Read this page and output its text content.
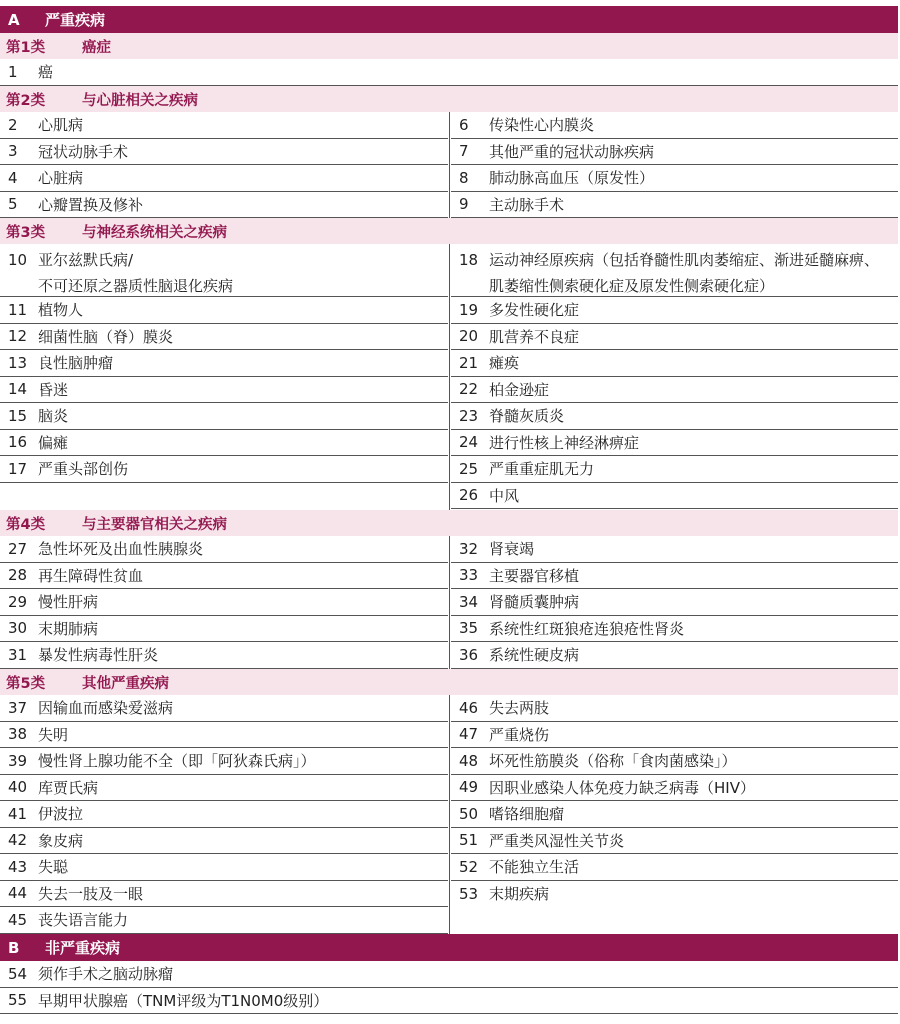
A	严重疾病
第1类	癌症
1	癌
第2类	与心脏相关之疾病
2	心肌病
3	冠状动脉手术
4	心脏病
5	心瓣置换及修补
6	传染性心内膜炎
7	其他严重的冠状动脉疾病
8	肺动脉高血压（原发性）
9	主动脉手术
第3类	与神经系统相关之疾病
10 亚尔兹默氏病/
不可还原之器质性脑退化疾病
11 植物人
12 细菌性脑（脊）膜炎
13 良性脑肿瘤
14 昏迷
15 脑炎
16 偏瘫
17 严重头部创伤
18 运动神经原疾病（包括脊髓性肌肉萎缩症、渐进延髓麻痹、肌萎缩性侧索硬化症及原发性侧索硬化症）
19 多发性硬化症
20 肌营养不良症
21 瘫痪
22 柏金逊症
23 脊髓灰质炎
24 进行性核上神经淋痹症
25 严重重症肌无力
26 中风
第4类	与主要器官相关之疾病
27 急性坏死及出血性胰腺炎
28 再生障碍性贫血
29 慢性肝病
30 末期肺病
31 暴发性病毒性肝炎
32 肾衰竭
33 主要器官移植
34 肾髓质囊肿病
35 系统性红斑狼疮连狼疮性肾炎
36 系统性硬皮病
第5类	其他严重疾病
37 因输血而感染爱滋病
38 失明
39 慢性肾上腺功能不全（即「阿狄森氏病」）
40 库贾氏病
41 伊波拉
42 象皮病
43 失聪
44 失去一肢及一眼
45 丧失语言能力
46 失去两肢
47 严重烧伤
48 坏死性筋膜炎（俗称「食肉菌感染」）
49 因职业感染人体免疫力缺乏病毒（HIV）
50 嗜铬细胞瘤
51 严重类风湿性关节炎
52 不能独立生活
53 末期疾病
B	非严重疾病
54 须作手术之脑动脉瘤
55 早期甲状腺癌（TNM评级为T1N0M0级别）
